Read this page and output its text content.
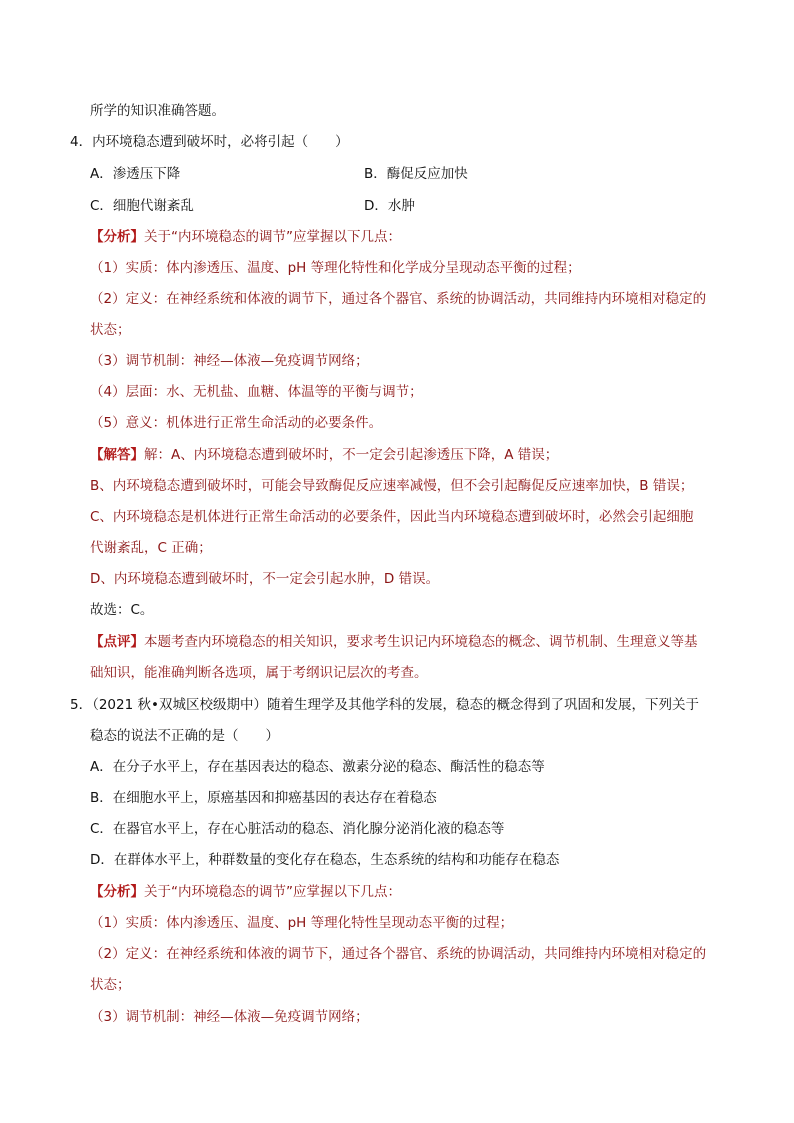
所学的知识准确答题。
4．内环境稳态遭到破坏时，必将引起（　　）
A．渗透压下降	B．酶促反应加快
C．细胞代谢紊乱	D．水肿
【分析】关于“内环境稳态的调节”应掌握以下几点：
（1）实质：体内渗透压、温度、pH 等理化特性和化学成分呈现动态平衡的过程；
（2）定义：在神经系统和体液的调节下，通过各个器官、系统的协调活动，共同维持内环境相对稳定的
状态；
（3）调节机制：神经—体液—免疫调节网络；
（4）层面：水、无机盐、血糖、体温等的平衡与调节；
（5）意义：机体进行正常生命活动的必要条件。
【解答】解：A、内环境稳态遭到破坏时，不一定会引起渗透压下降，A 错误；
B、内环境稳态遭到破坏时，可能会导致酶促反应速率减慢，但不会引起酶促反应速率加快，B 错误；
C、内环境稳态是机体进行正常生命活动的必要条件，因此当内环境稳态遭到破坏时，必然会引起细胞
代谢紊乱，C 正确；
D、内环境稳态遭到破坏时，不一定会引起水肿，D 错误。
故选：C。
【点评】本题考查内环境稳态的相关知识，要求考生识记内环境稳态的概念、调节机制、生理意义等基
础知识，能准确判断各选项，属于考纲识记层次的考查。
5．（2021 秋•双城区校级期中）随着生理学及其他学科的发展，稳态的概念得到了巩固和发展，下列关于
稳态的说法不正确的是（　　）
A．在分子水平上，存在基因表达的稳态、激素分泌的稳态、酶活性的稳态等
B．在细胞水平上，原癌基因和抑癌基因的表达存在着稳态
C．在器官水平上，存在心脏活动的稳态、消化腺分泌消化液的稳态等
D．在群体水平上，种群数量的变化存在稳态，生态系统的结构和功能存在稳态
【分析】关于“内环境稳态的调节”应掌握以下几点：
（1）实质：体内渗透压、温度、pH 等理化特性呈现动态平衡的过程；
（2）定义：在神经系统和体液的调节下，通过各个器官、系统的协调活动，共同维持内环境相对稳定的
状态；
（3）调节机制：神经—体液—免疫调节网络；
